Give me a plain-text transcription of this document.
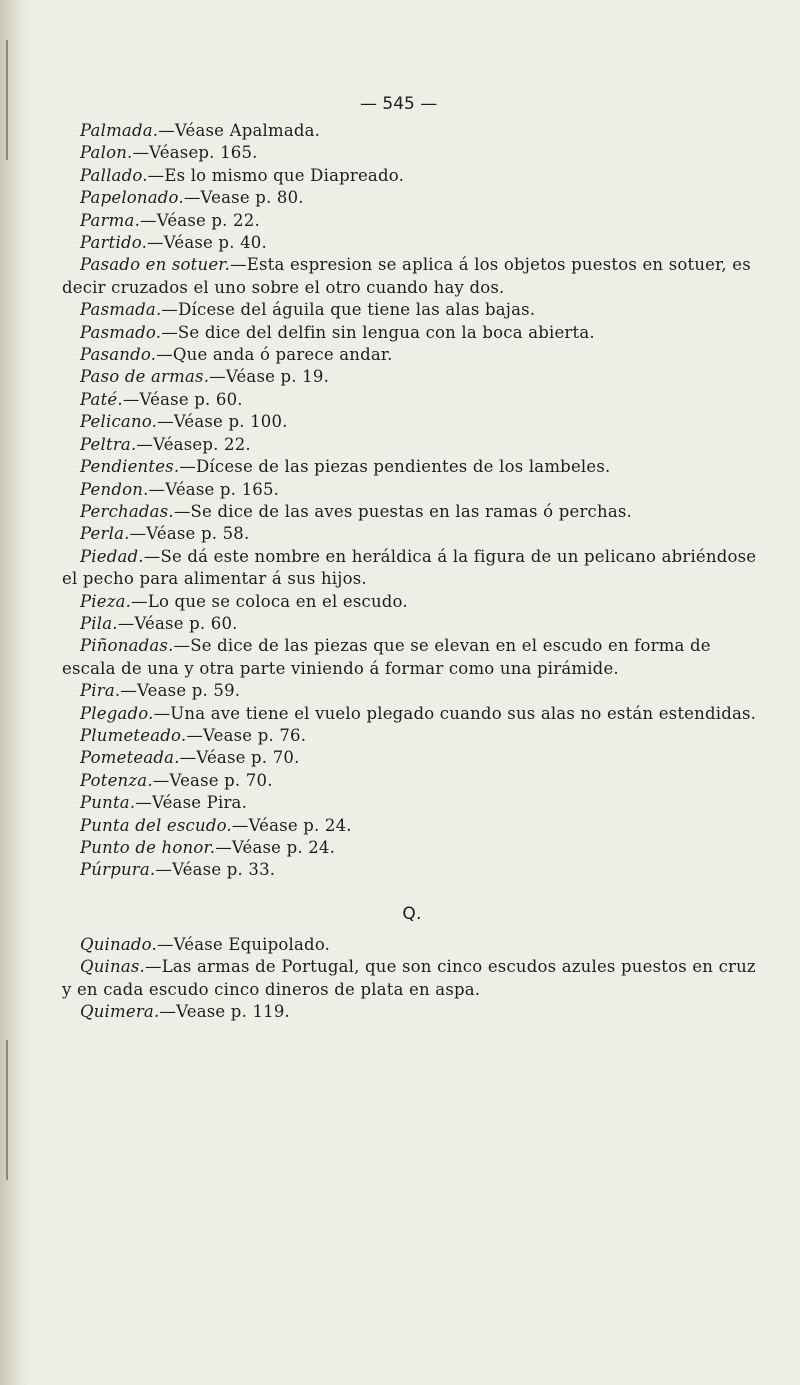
— 545 —

Palmada.—Véase Apalmada.

Palon.—Véasep. 165.

Pallado.—Es lo mismo que Diapreado.

Papelonado.—Vease p. 80.

Parma.—Véase p. 22.

Partido.—Véase p. 40.

Pasado en sotuer.—Esta espresion se aplica á los objetos puestos en sotuer, es decir cruzados el uno sobre el otro cuando hay dos.

Pasmada.—Dícese del águila que tiene las alas bajas.

Pasmado.—Se dice del delfin sin lengua con la boca abierta.

Pasando.—Que anda ó parece andar.

Paso de armas.—Véase p. 19.

Paté.—Véase p. 60.

Pelicano.—Véase p. 100.

Peltra.—Véasep. 22.

Pendientes.—Dícese de las piezas pendientes de los lambeles.

Pendon.—Véase p. 165.

Perchadas.—Se dice de las aves puestas en las ramas ó perchas.

Perla.—Véase p. 58.

Piedad.—Se dá este nombre en heráldica á la figura de un pelicano abriéndose el pecho para alimentar á sus hijos.

Pieza.—Lo que se coloca en el escudo.

Pila.—Véase p. 60.

Piñonadas.—Se dice de las piezas que se elevan en el escudo en forma de escala de una y otra parte viniendo á formar como una pirámide.

Pira.—Vease p. 59.

Plegado.—Una ave tiene el vuelo plegado cuando sus alas no están estendidas.

Plumeteado.—Vease p. 76.

Pometeada.—Véase p. 70.

Potenza.—Vease p. 70.

Punta.—Véase Pira.

Punta del escudo.—Véase p. 24.

Punto de honor.—Véase p. 24.

Púrpura.—Véase p. 33.

Q.

Quinado.—Véase Equipolado.

Quinas.—Las armas de Portugal, que son cinco escudos azules puestos en cruz y en cada escudo cinco dineros de plata en aspa.

Quimera.—Vease p. 119.
